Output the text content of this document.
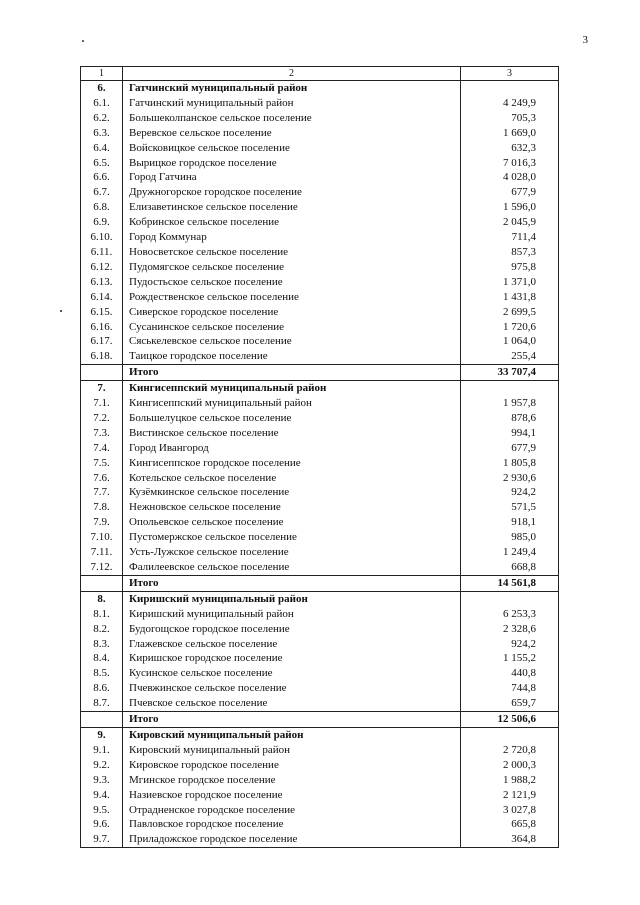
3
1	2	3
6.	Гатчинский муниципальный район	
6.1.	Гатчинский муниципальный район	4 249,9
6.2.	Большеколпанское сельское поселение	705,3
6.3.	Веревское сельское поселение	1 669,0
6.4.	Войсковицкое сельское поселение	632,3
6.5.	Вырицкое городское поселение	7 016,3
6.6.	Город Гатчина	4 028,0
6.7.	Дружногорское городское поселение	677,9
6.8.	Елизаветинское сельское поселение	1 596,0
6.9.	Кобринское сельское поселение	2 045,9
6.10.	Город Коммунар	711,4
6.11.	Новосветское сельское поселение	857,3
6.12.	Пудомягское сельское поселение	975,8
6.13.	Пудостьское сельское поселение	1 371,0
6.14.	Рождественское сельское поселение	1 431,8
6.15.	Сиверское городское поселение	2 699,5
6.16.	Сусанинское сельское поселение	1 720,6
6.17.	Сяськелевское сельское поселение	1 064,0
6.18.	Таицкое городское поселение	255,4
	Итого	33 707,4
7.	Кингисеппский муниципальный район	
7.1.	Кингисеппский муниципальный район	1 957,8
7.2.	Большелуцкое сельское поселение	878,6
7.3.	Вистинское сельское поселение	994,1
7.4.	Город Ивангород	677,9
7.5.	Кингисеппское городское поселение	1 805,8
7.6.	Котельское сельское поселение	2 930,6
7.7.	Кузёмкинское сельское поселение	924,2
7.8.	Нежновское сельское поселение	571,5
7.9.	Опольевское сельское поселение	918,1
7.10.	Пустомержское сельское поселение	985,0
7.11.	Усть-Лужское сельское поселение	1 249,4
7.12.	Фалилеевское сельское поселение	668,8
	Итого	14 561,8
8.	Киришский муниципальный район	
8.1.	Киришский муниципальный район	6 253,3
8.2.	Будогощское городское поселение	2 328,6
8.3.	Глажевское сельское поселение	924,2
8.4.	Киришское городское поселение	1 155,2
8.5.	Кусинское сельское поселение	440,8
8.6.	Пчевжинское сельское поселение	744,8
8.7.	Пчевское сельское поселение	659,7
	Итого	12 506,6
9.	Кировский муниципальный район	
9.1.	Кировский муниципальный район	2 720,8
9.2.	Кировское городское поселение	2 000,3
9.3.	Мгинское городское поселение	1 988,2
9.4.	Назиевское городское поселение	2 121,9
9.5.	Отрадненское городское поселение	3 027,8
9.6.	Павловское городское поселение	665,8
9.7.	Приладожское городское поселение	364,8
